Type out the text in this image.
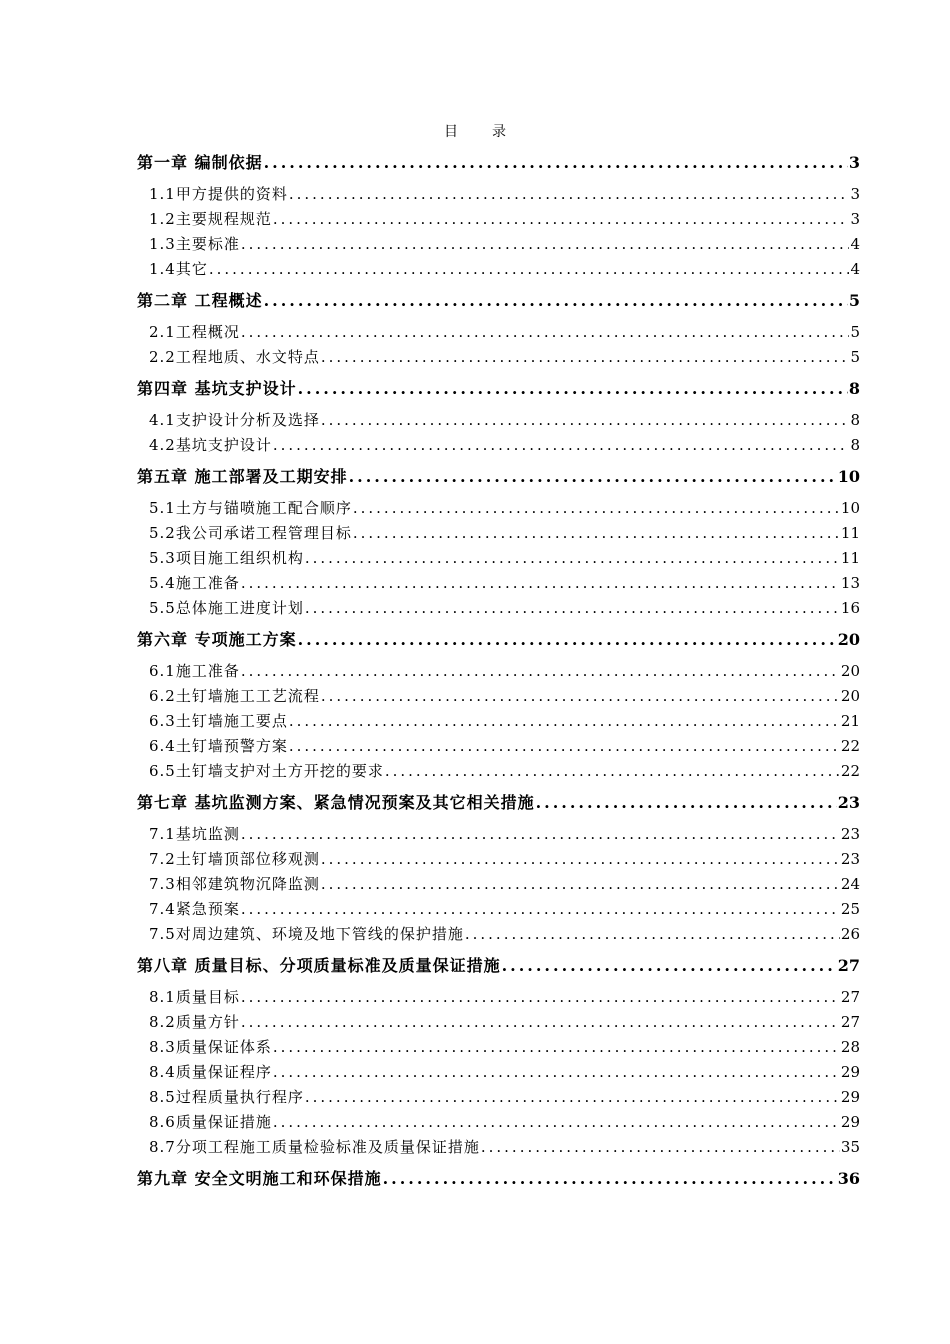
目 录
第一章 编制依据 .....	3
1.1甲方提供的资料 .....	3
1.2主要规程规范 .....	3
1.3主要标准 .....	4
1.4其它 .....	4
第二章 工程概述 .....	5
2.1工程概况 .....	5
2.2工程地质、水文特点 .....	5
第四章 基坑支护设计 .....	8
4.1支护设计分析及选择 .....	8
4.2基坑支护设计 .....	8
第五章 施工部署及工期安排 .....	10
5.1土方与锚喷施工配合顺序 .....	10
5.2我公司承诺工程管理目标 .....	11
5.3项目施工组织机构 .....	11
5.4施工准备 .....	13
5.5总体施工进度计划 .....	16
第六章 专项施工方案 .....	20
6.1施工准备 .....	20
6.2土钉墙施工工艺流程 .....	20
6.3土钉墙施工要点 .....	21
6.4土钉墙预警方案 .....	22
6.5土钉墙支护对土方开挖的要求 .....	22
第七章 基坑监测方案、紧急情况预案及其它相关措施 .....	23
7.1基坑监测 .....	23
7.2土钉墙顶部位移观测 .....	23
7.3相邻建筑物沉降监测 .....	24
7.4紧急预案 .....	25
7.5对周边建筑、环境及地下管线的保护措施 .....	26
第八章 质量目标、分项质量标准及质量保证措施 .....	27
8.1质量目标 .....	27
8.2质量方针 .....	27
8.3质量保证体系 .....	28
8.4质量保证程序 .....	29
8.5过程质量执行程序 .....	29
8.6质量保证措施 .....	29
8.7分项工程施工质量检验标准及质量保证措施 .....	35
第九章 安全文明施工和环保措施 .....	36
